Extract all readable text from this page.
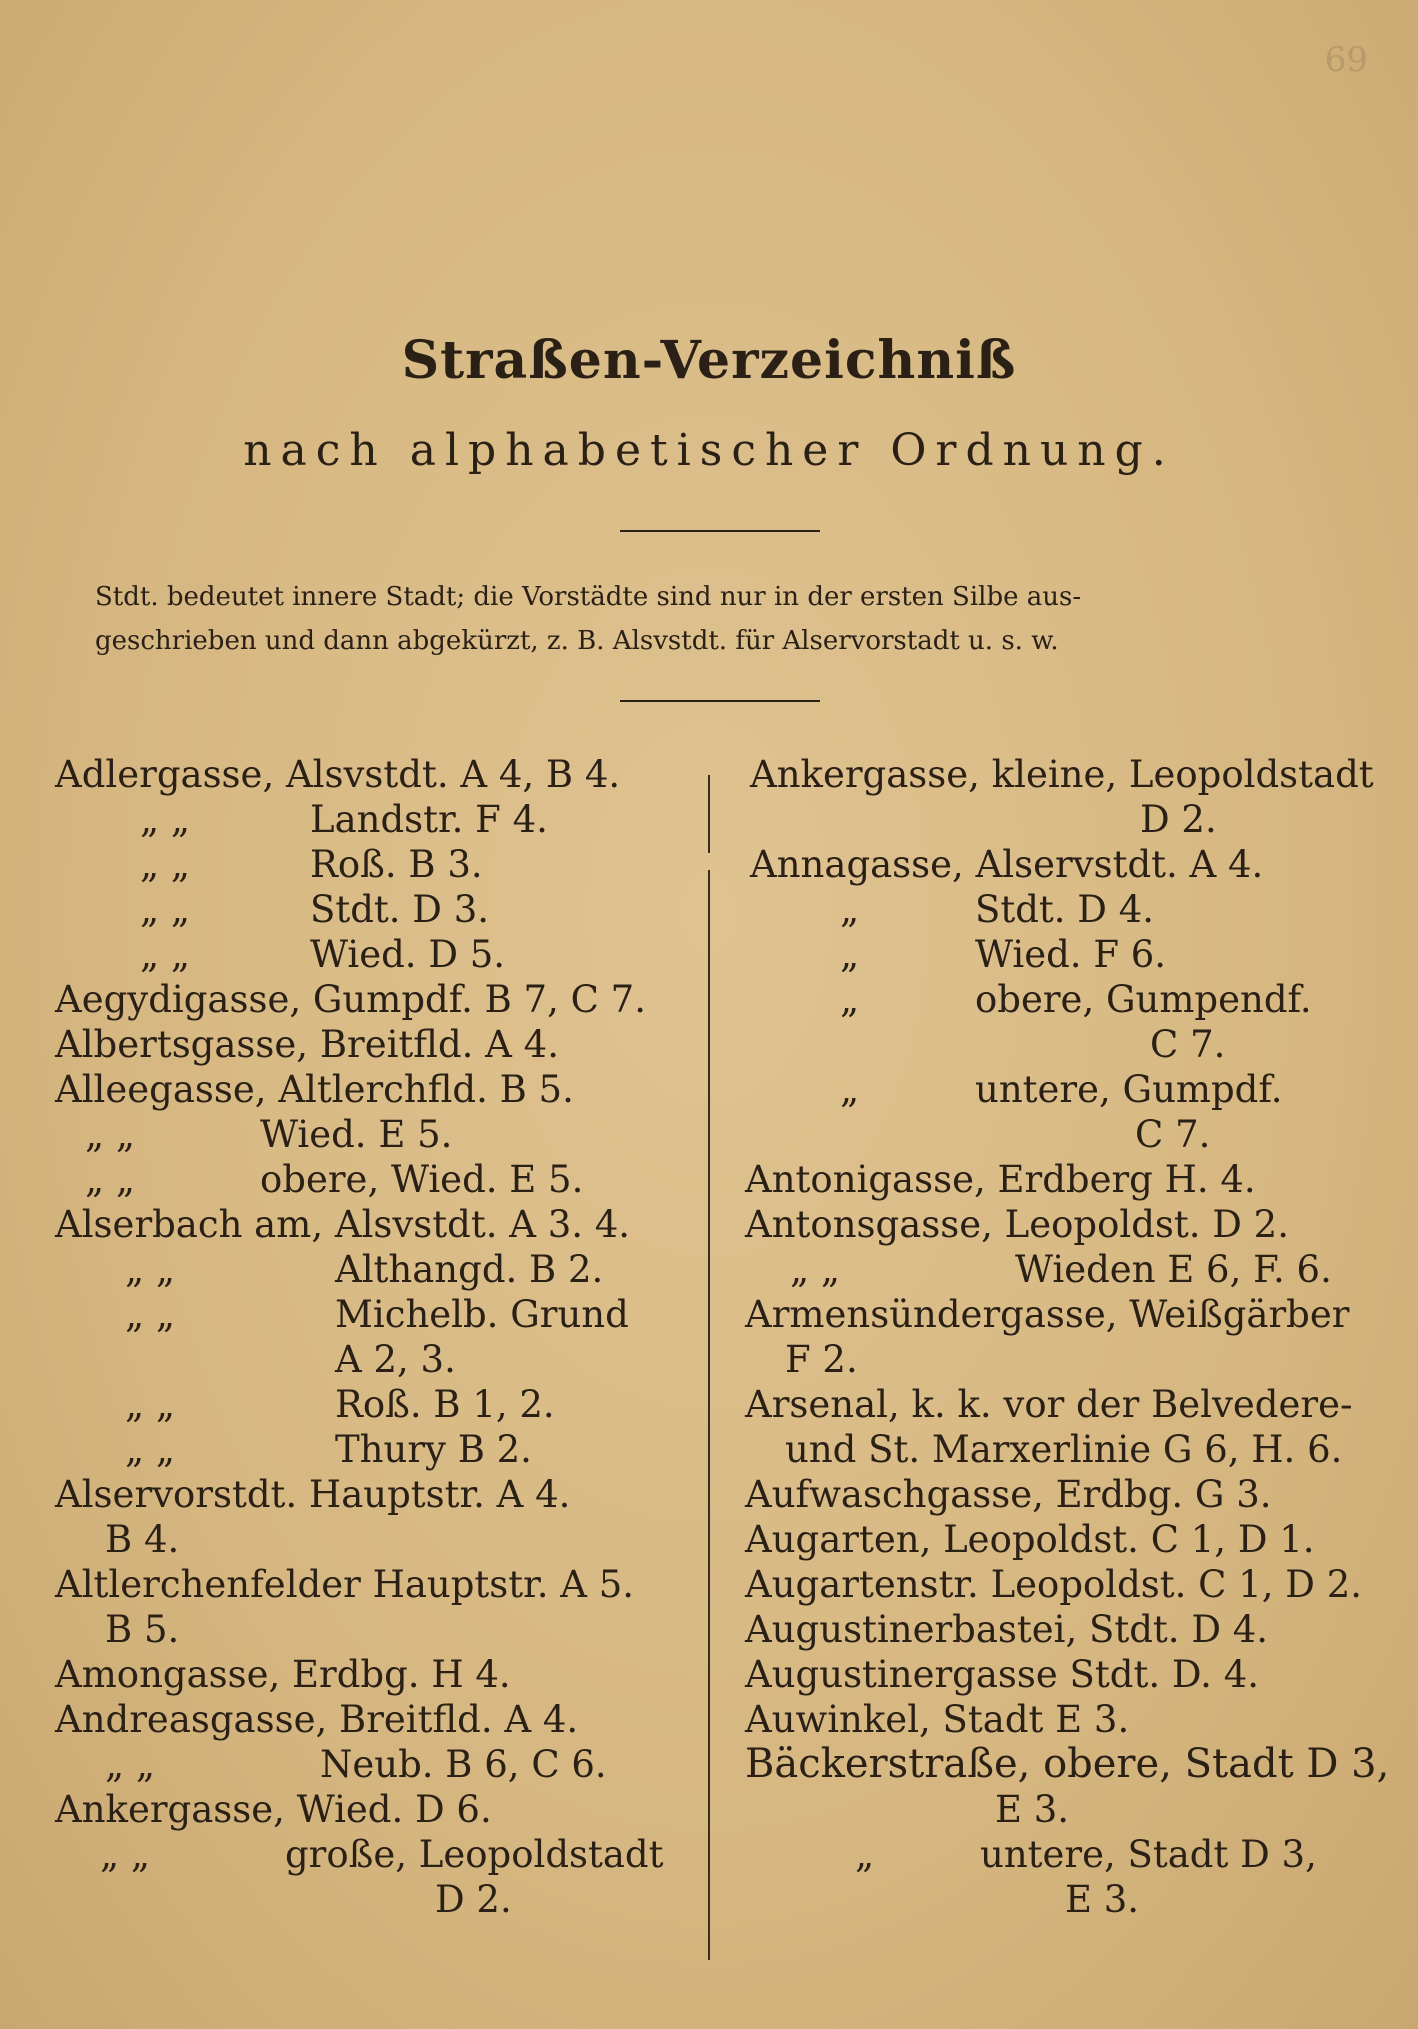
69
Straßen-Verzeichniß
nach alphabetischer Ordnung.

Stdt. bedeutet innere Stadt; die Vorstädte sind nur in der ersten Silbe aus-

geschrieben und dann abgekürzt, z. B. Alsvstdt. für Alservorstadt u. s. w.

Adlergasse, Alsvstdt. A 4, B 4.
„ „	Landstr. F 4.
„ „	Roß. B 3.
„ „	Stdt. D 3.
„ „	Wied. D 5.
Aegydigasse, Gumpdf. B 7, C 7.
Albertsgasse, Breitfld. A 4.
Alleegasse, Altlerchfld. B 5.
„ „	Wied. E 5.
„ „	obere, Wied. E 5.
Alserbach am, Alsvstdt. A 3. 4.
„ „	Althangd. B 2.
„ „	Michelb. Grund
A 2, 3.
„ „	Roß. B 1, 2.
„ „	Thury B 2.
Alservorstdt. Hauptstr. A 4.
B 4.
Altlerchenfelder Hauptstr. A 5.
B 5.
Amongasse, Erdbg. H 4.
Andreasgasse, Breitfld. A 4.
„ „	Neub. B 6, C 6.
Ankergasse, Wied. D 6.
„ „	große, Leopoldstadt
D 2.
Ankergasse, kleine, Leopoldstadt
D 2.
Annagasse, Alservstdt. A 4.
„	Stdt. D 4.
„	Wied. F 6.
„	obere, Gumpendf.
C 7.
„	untere, Gumpdf.
C 7.
Antonigasse, Erdberg H. 4.
Antonsgasse, Leopoldst. D 2.
„ „	Wieden E 6, F. 6.
Armensündergasse, Weißgärber
F 2.
Arsenal, k. k. vor der Belvedere-
und St. Marxerlinie G 6, H. 6.
Aufwaschgasse, Erdbg. G 3.
Augarten, Leopoldst. C 1, D 1.
Augartenstr. Leopoldst. C 1, D 2.
Augustinerbastei, Stdt. D 4.
Augustinergasse Stdt. D. 4.
Auwinkel, Stadt E 3.
Bäckerstraße, obere, Stadt D 3,
E 3.
„	untere, Stadt D 3,
E 3.
